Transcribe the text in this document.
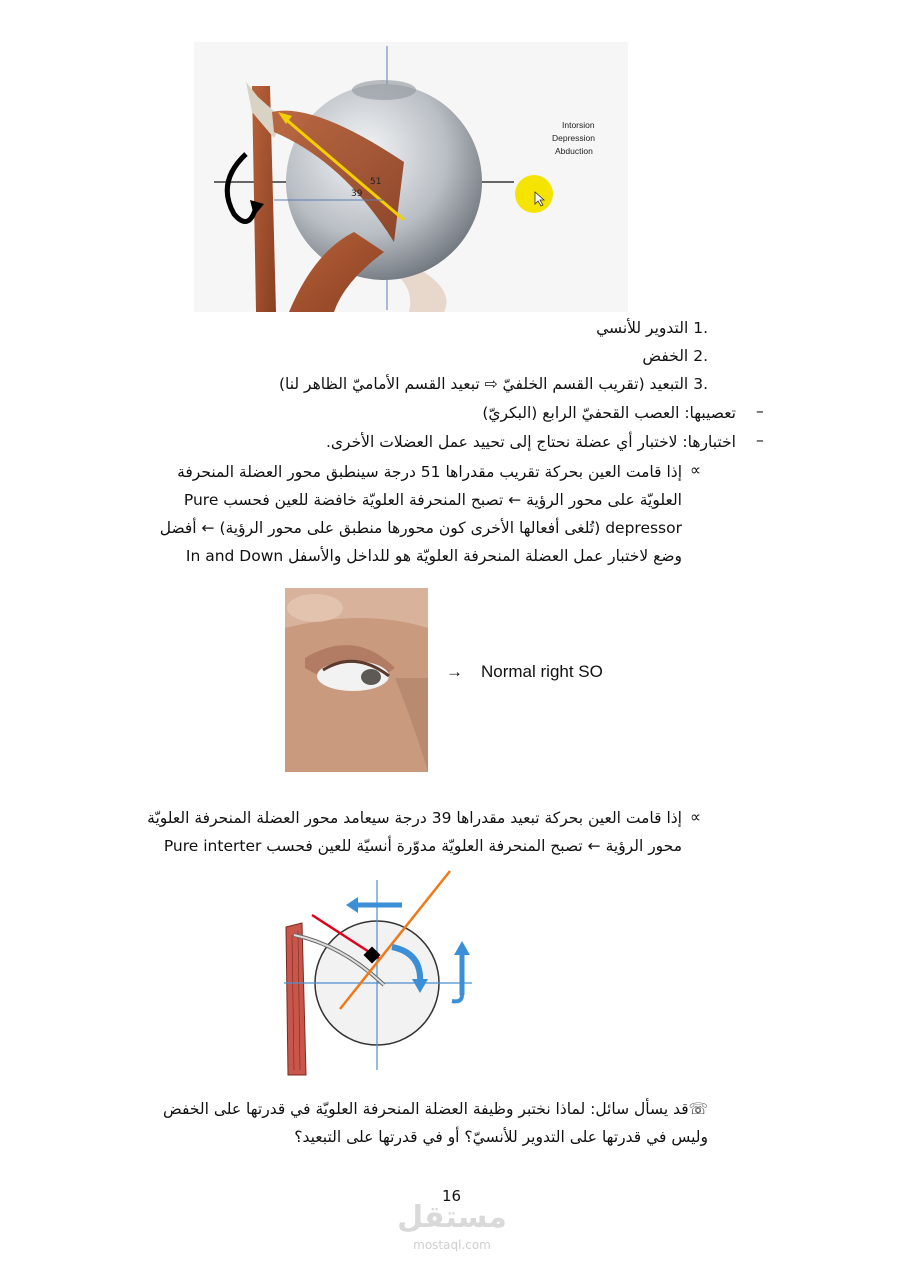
51
39
Intorsion
Depression
Abduction
.1 التدوير للأنسي
.2 الخفض
.3 التبعيد (تقريب القسم الخلفيّ ⇨ تبعيد القسم الأماميّ الظاهر لنا)
–
تعصيبها: العصب القحفيّ الرابع (البكريّ)
–
اختبارها: لاختبار أي عضلة نحتاج إلى تحييد عمل العضلات الأخرى.
∝
إذا قامت العين بحركة تقريب مقدراها 51 درجة سينطبق محور العضلة المنحرفة
العلويّة على محور الرؤية ← تصبح المنحرفة العلويّة خافضة للعين فحسب Pure
depressor (تُلغى أفعالها الأخرى كون محورها منطبق على محور الرؤية) ← أفضل
وضع لاختبار عمل العضلة المنحرفة العلويّة هو للداخل والأسفل In and Down
→ Normal right SO
∝
إذا قامت العين بحركة تبعيد مقدراها 39 درجة سيعامد محور العضلة المنحرفة العلويّة
محور الرؤية ← تصبح المنحرفة العلويّة مدوّرة أنسيّة للعين فحسب Pure interter
☏قد يسأل سائل: لماذا نختبر وظيفة العضلة المنحرفة العلويّة في قدرتها على الخفض
وليس في قدرتها على التدوير للأنسيّ؟ أو في قدرتها على التبعيد؟
16
مستقل
mostaql.com
